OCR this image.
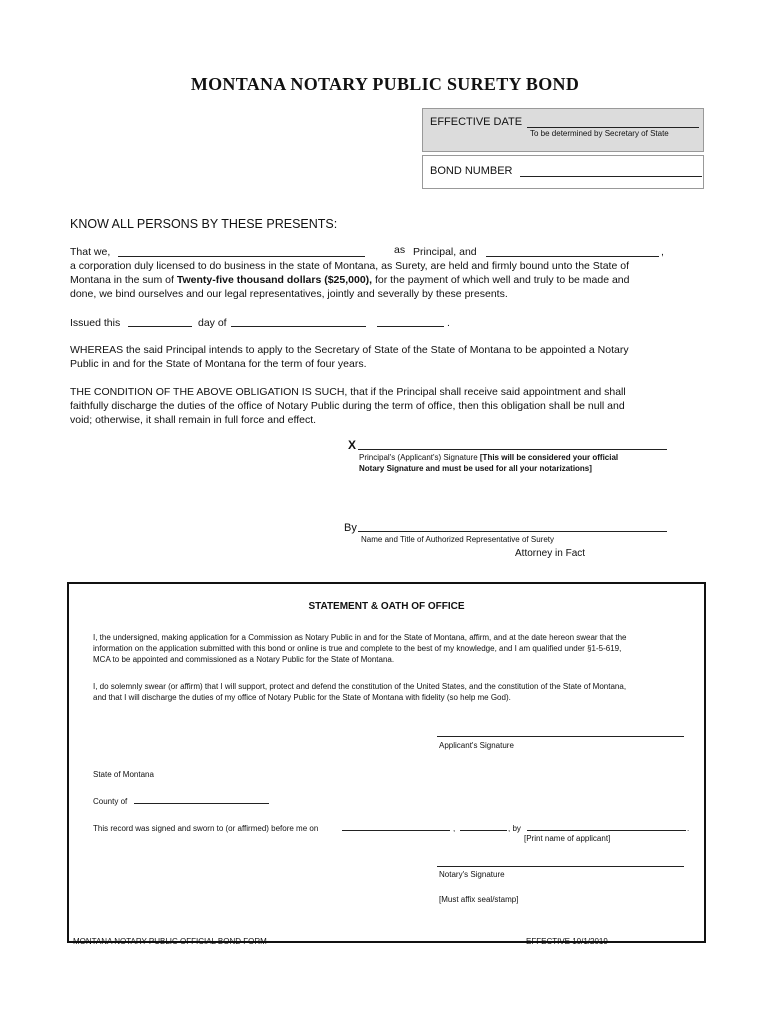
MONTANA NOTARY PUBLIC SURETY BOND
EFFECTIVE DATE
To be determined by Secretary of State
BOND NUMBER
KNOW ALL PERSONS BY THESE PRESENTS:
That we,	as Principal, and	,
a corporation duly licensed to do business in the state of Montana, as Surety, are held and firmly bound unto the State of
Montana in the sum of Twenty-five thousand dollars ($25,000), for the payment of which well and truly to be made and
done, we bind ourselves and our legal representatives, jointly and severally by these presents.
Issued this	day of	.
WHEREAS the said Principal intends to apply to the Secretary of State of the State of Montana to be appointed a Notary
Public in and for the State of Montana for the term of four years.
THE CONDITION OF THE ABOVE OBLIGATION IS SUCH, that if the Principal shall receive said appointment and shall
faithfully discharge the duties of the office of Notary Public during the term of office, then this obligation shall be null and
void; otherwise, it shall remain in full force and effect.
X
Principal's (Applicant's) Signature [This will be considered your official
Notary Signature and must be used for all your notarizations]
By
Name and Title of Authorized Representative of Surety
Attorney in Fact
STATEMENT & OATH OF OFFICE
I, the undersigned, making application for a Commission as Notary Public in and for the State of Montana, affirm, and at the date hereon swear that the
information on the application submitted with this bond or online is true and complete to the best of my knowledge, and I am qualified under §1-5-619,
MCA to be appointed and commissioned as a Notary Public for the State of Montana.
I, do solemnly swear (or affirm) that I will support, protect and defend the constitution of the United States, and the constitution of the State of Montana,
and that I will discharge the duties of my office of Notary Public for the State of Montana with fidelity (so help me God).
Applicant's Signature
State of Montana
County of
This record was signed and sworn to (or affirmed) before me on	,	, by	.
[Print name of applicant]
Notary's Signature
[Must affix seal/stamp]
MONTANA NOTARY PUBLIC OFFICIAL BOND FORM	EFFECTIVE 10/1/2019
